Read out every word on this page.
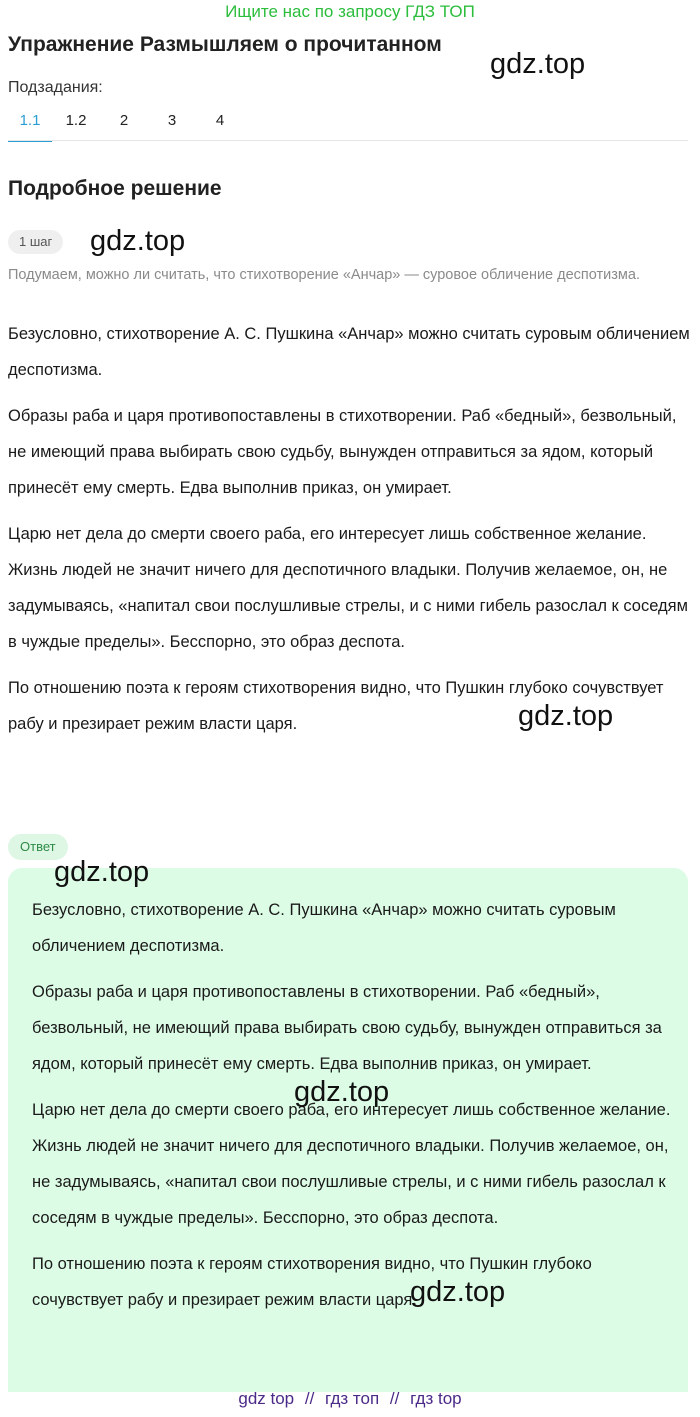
Ищите нас по запросу ГДЗ ТОП
Упражнение Размышляем о прочитанном
gdz.top
Подзадания:
1.1	1.2	2	3	4
Подробное решение
1 шаг	gdz.top
Подумаем, можно ли считать, что стихотворение «Анчар» — суровое обличение деспотизма.

Безусловно, стихотворение А. С. Пушкина «Анчар» можно считать суровым обличением деспотизма.

Образы раба и царя противопоставлены в стихотворении. Раб «бедный», безвольный, не имеющий права выбирать свою судьбу, вынужден отправиться за ядом, который принесёт ему смерть. Едва выполнив приказ, он умирает.

Царю нет дела до смерти своего раба, его интересует лишь собственное желание. Жизнь людей не значит ничего для деспотичного владыки. Получив желаемое, он, не задумываясь, «напитал свои послушливые стрелы, и с ними гибель разослал к соседям в чуждые пределы». Бесспорно, это образ деспота.

По отношению поэта к героям стихотворения видно, что Пушкин глубоко сочувствует рабу и презирает режим власти царя.	gdz.top
Ответ
gdz.top

Безусловно, стихотворение А. С. Пушкина «Анчар» можно считать суровым обличением деспотизма.

Образы раба и царя противопоставлены в стихотворении. Раб «бедный», безвольный, не имеющий права выбирать свою судьбу, вынужден отправиться за ядом, который принесёт ему смерть. Едва выполнив приказ, он умирает.

Царю нет дела до смерти своего раба, его интересует лишь собственное желание. Жизнь людей не значит ничего для деспотичного владыки. Получив желаемое, он, не задумываясь, «напитал свои послушливые стрелы, и с ними гибель разослал к соседям в чуждые пределы». Бесспорно, это образ деспота.

По отношению поэта к героям стихотворения видно, что Пушкин глубоко сочувствует рабу и презирает режим власти царя.

gdz.top
gdz.top
gdz top // гдз топ // гдз top
